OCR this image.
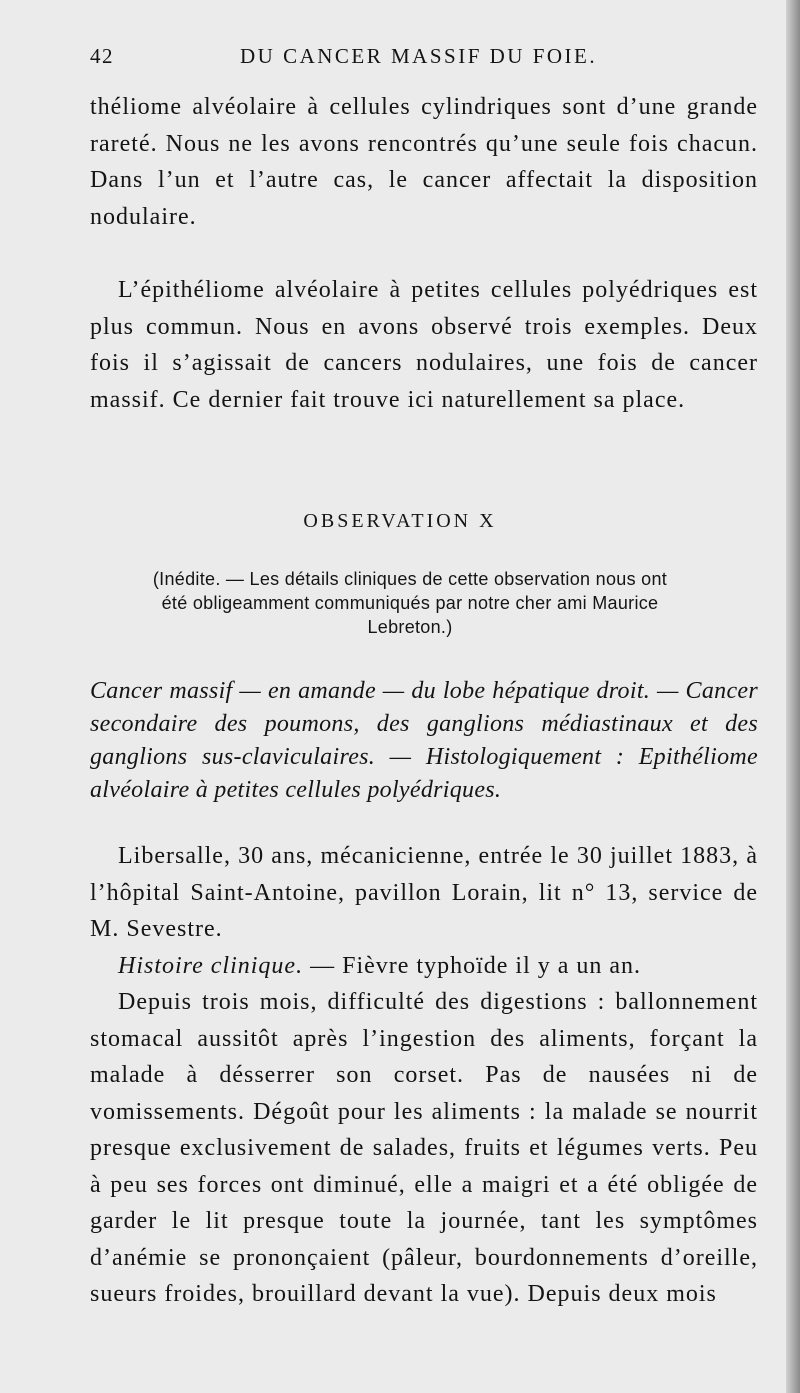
42	DU CANCER MASSIF DU FOIE.

théliome alvéolaire à cellules cylindriques sont d’une grande rareté. Nous ne les avons rencontrés qu’une seule fois chacun. Dans l’un et l’autre cas, le cancer affectait la disposition nodulaire.

L’épithéliome alvéolaire à petites cellules polyédriques est plus commun. Nous en avons observé trois exemples. Deux fois il s’agissait de cancers nodulaires, une fois de cancer massif. Ce dernier fait trouve ici naturellement sa place.

OBSERVATION X

(Inédite. — Les détails cliniques de cette observation nous ont été obligeamment communiqués par notre cher ami Maurice Lebreton.)

Cancer massif — en amande — du lobe hépatique droit. — Cancer secondaire des poumons, des ganglions médiastinaux et des ganglions sus-claviculaires. — Histologiquement : Epithéliome alvéolaire à petites cellules polyédriques.

Libersalle, 30 ans, mécanicienne, entrée le 30 juillet 1883, à l’hôpital Saint-Antoine, pavillon Lorain, lit n° 13, service de M. Sevestre.

Histoire clinique. — Fièvre typhoïde il y a un an.

Depuis trois mois, difficulté des digestions : ballonnement stomacal aussitôt après l’ingestion des aliments, forçant la malade à désserrer son corset. Pas de nausées ni de vomissements. Dégoût pour les aliments : la malade se nourrit presque exclusivement de salades, fruits et légumes verts. Peu à peu ses forces ont diminué, elle a maigri et a été obligée de garder le lit presque toute la journée, tant les symptômes d’anémie se prononçaient (pâleur, bourdonnements d’oreille, sueurs froides, brouillard devant la vue). Depuis deux mois
